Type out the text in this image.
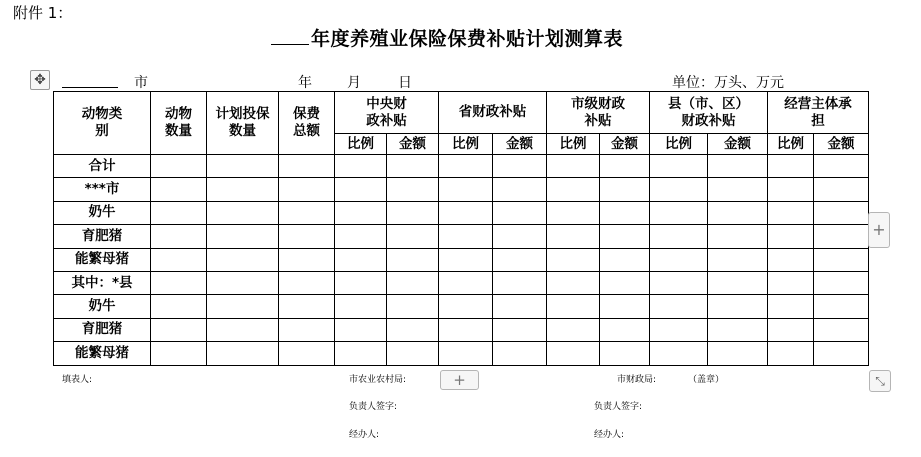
附件 1：
年度养殖业保险保费补贴计划测算表
✥	市	年	月	日	单位：万头、万元
动物类别	动物数量	计划投保数量	保费总额	中央财政补贴		省财政补贴		市级财政补贴		县（市、区）财政补贴		经营主体承担	
				比例	金额	比例	金额	比例	金额	比例	金额	比例	金额
合计													
***市													
奶牛													
育肥猪													
能繁母猪													
其中：*县													
奶牛													
育肥猪													
能繁母猪													
+
+	⤡
填表人:	市农业农村局:	市财政局:	（盖章）
负责人签字:	负责人签字:
经办人:	经办人:
